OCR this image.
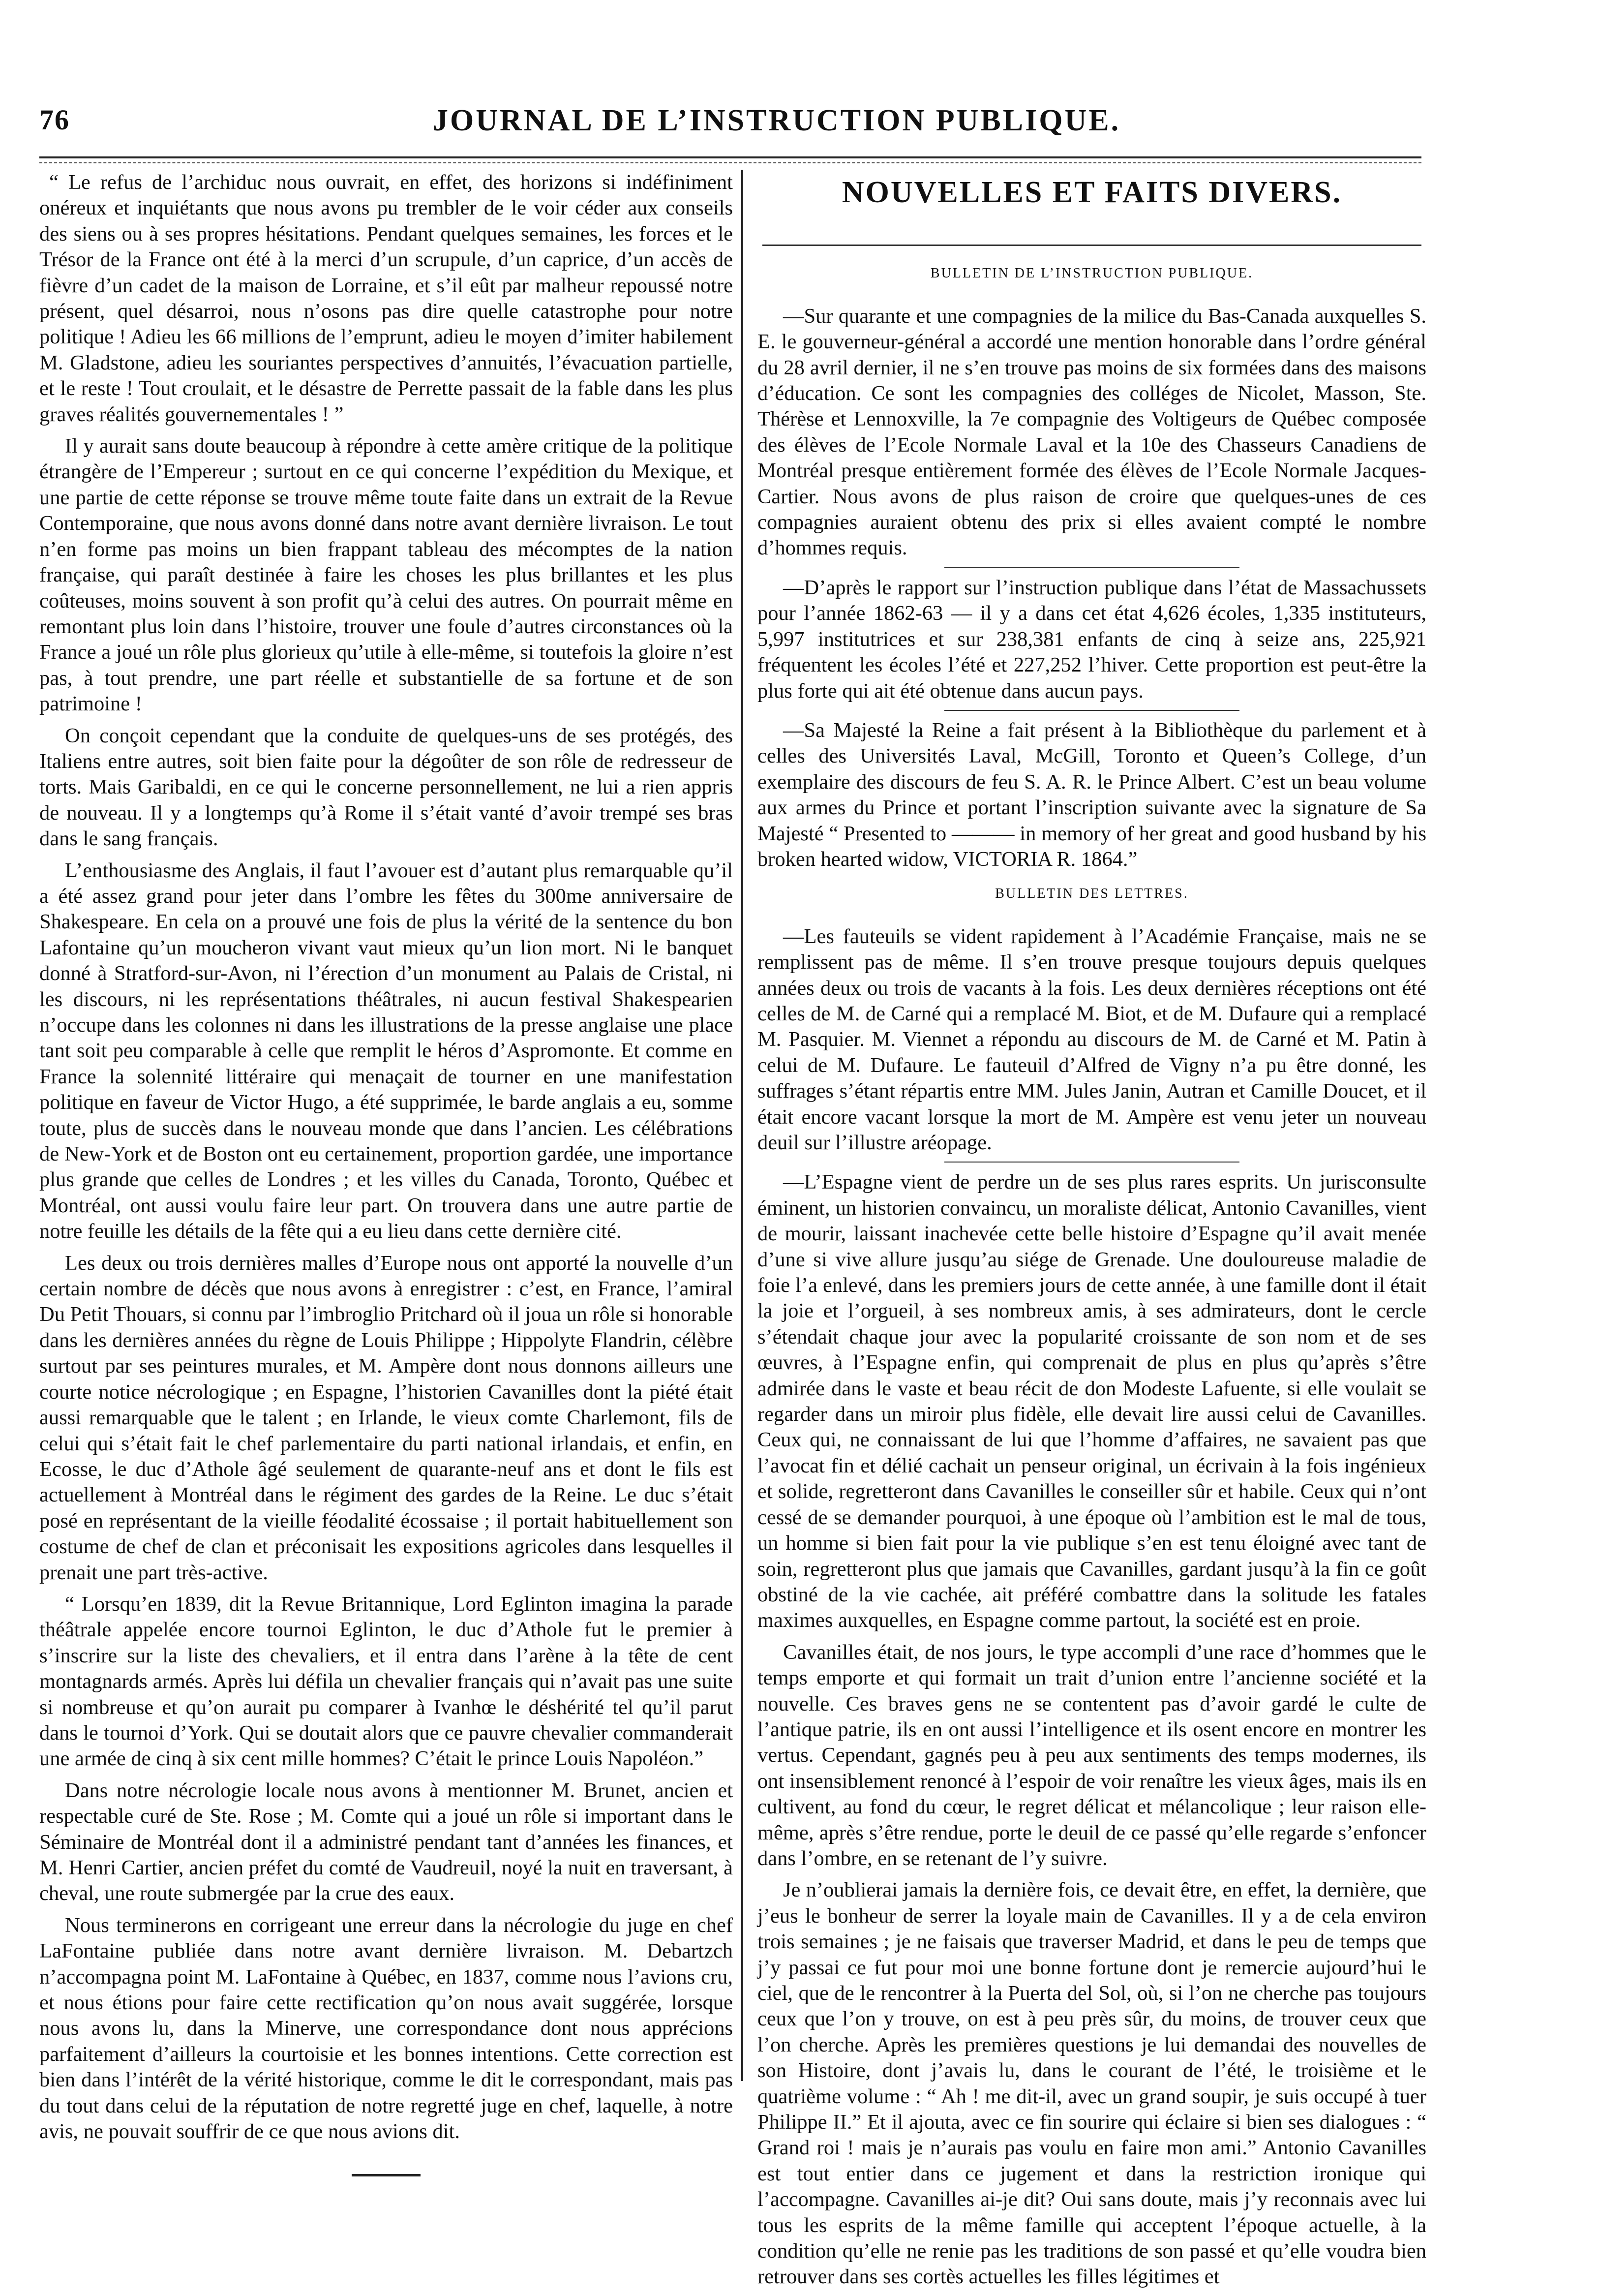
76	JOURNAL DE L’INSTRUCTION PUBLIQUE.

“ Le refus de l’archiduc nous ouvrait, en effet, des horizons si indéfiniment onéreux et inquiétants que nous avons pu trembler de le voir céder aux conseils des siens ou à ses propres hésitations. Pendant quelques semaines, les forces et le Trésor de la France ont été à la merci d’un scrupule, d’un caprice, d’un accès de fièvre d’un cadet de la maison de Lorraine, et s’il eût par malheur repoussé notre présent, quel désarroi, nous n’osons pas dire quelle catastrophe pour notre politique ! Adieu les 66 millions de l’emprunt, adieu le moyen d’imiter habilement M. Gladstone, adieu les souriantes perspectives d’annuités, l’évacuation partielle, et le reste ! Tout croulait, et le désastre de Perrette passait de la fable dans les plus graves réalités gouvernementales ! ”

Il y aurait sans doute beaucoup à répondre à cette amère critique de la politique étrangère de l’Empereur ; surtout en ce qui concerne l’expédition du Mexique, et une partie de cette réponse se trouve même toute faite dans un extrait de la Revue Contemporaine, que nous avons donné dans notre avant dernière livraison. Le tout n’en forme pas moins un bien frappant tableau des mécomptes de la nation française, qui paraît destinée à faire les choses les plus brillantes et les plus coûteuses, moins souvent à son profit qu’à celui des autres. On pourrait même en remontant plus loin dans l’histoire, trouver une foule d’autres circonstances où la France a joué un rôle plus glorieux qu’utile à elle-même, si toutefois la gloire n’est pas, à tout prendre, une part réelle et substantielle de sa fortune et de son patrimoine !

On conçoit cependant que la conduite de quelques-uns de ses protégés, des Italiens entre autres, soit bien faite pour la dégoûter de son rôle de redresseur de torts. Mais Garibaldi, en ce qui le concerne personnellement, ne lui a rien appris de nouveau. Il y a longtemps qu’à Rome il s’était vanté d’avoir trempé ses bras dans le sang français.

L’enthousiasme des Anglais, il faut l’avouer est d’autant plus remarquable qu’il a été assez grand pour jeter dans l’ombre les fêtes du 300me anniversaire de Shakespeare. En cela on a prouvé une fois de plus la vérité de la sentence du bon Lafontaine qu’un moucheron vivant vaut mieux qu’un lion mort. Ni le banquet donné à Stratford-sur-Avon, ni l’érection d’un monument au Palais de Cristal, ni les discours, ni les représentations théâtrales, ni aucun festival Shakespearien n’occupe dans les colonnes ni dans les illustrations de la presse anglaise une place tant soit peu comparable à celle que remplit le héros d’Aspromonte. Et comme en France la solennité littéraire qui menaçait de tourner en une manifestation politique en faveur de Victor Hugo, a été supprimée, le barde anglais a eu, somme toute, plus de succès dans le nouveau monde que dans l’ancien. Les célébrations de New-York et de Boston ont eu certainement, proportion gardée, une importance plus grande que celles de Londres ; et les villes du Canada, Toronto, Québec et Montréal, ont aussi voulu faire leur part. On trouvera dans une autre partie de notre feuille les détails de la fête qui a eu lieu dans cette dernière cité.

Les deux ou trois dernières malles d’Europe nous ont apporté la nouvelle d’un certain nombre de décès que nous avons à enregistrer : c’est, en France, l’amiral Du Petit Thouars, si connu par l’imbroglio Pritchard où il joua un rôle si honorable dans les dernières années du règne de Louis Philippe ; Hippolyte Flandrin, célèbre surtout par ses peintures murales, et M. Ampère dont nous donnons ailleurs une courte notice nécrologique ; en Espagne, l’historien Cavanilles dont la piété était aussi remarquable que le talent ; en Irlande, le vieux comte Charlemont, fils de celui qui s’était fait le chef parlementaire du parti national irlandais, et enfin, en Ecosse, le duc d’Athole âgé seulement de quarante-neuf ans et dont le fils est actuellement à Montréal dans le régiment des gardes de la Reine. Le duc s’était posé en représentant de la vieille féodalité écossaise ; il portait habituellement son costume de chef de clan et préconisait les expositions agricoles dans lesquelles il prenait une part très-active.

“ Lorsqu’en 1839, dit la Revue Britannique, Lord Eglinton imagina la parade théâtrale appelée encore tournoi Eglinton, le duc d’Athole fut le premier à s’inscrire sur la liste des chevaliers, et il entra dans l’arène à la tête de cent montagnards armés. Après lui défila un chevalier français qui n’avait pas une suite si nombreuse et qu’on aurait pu comparer à Ivanhœ le déshérité tel qu’il parut dans le tournoi d’York. Qui se doutait alors que ce pauvre chevalier commanderait une armée de cinq à six cent mille hommes? C’était le prince Louis Napoléon.”

Dans notre nécrologie locale nous avons à mentionner M. Brunet, ancien et respectable curé de Ste. Rose ; M. Comte qui a joué un rôle si important dans le Séminaire de Montréal dont il a administré pendant tant d’années les finances, et M. Henri Cartier, ancien préfet du comté de Vaudreuil, noyé la nuit en traversant, à cheval, une route submergée par la crue des eaux.

Nous terminerons en corrigeant une erreur dans la nécrologie du juge en chef LaFontaine publiée dans notre avant dernière livraison. M. Debartzch n’accompagna point M. LaFontaine à Québec, en 1837, comme nous l’avions cru, et nous étions pour faire cette rectification qu’on nous avait suggérée, lorsque nous avons lu, dans la Minerve, une correspondance dont nous apprécions parfaitement d’ailleurs la courtoisie et les bonnes intentions. Cette correction est bien dans l’intérêt de la vérité historique, comme le dit le correspondant, mais pas du tout dans celui de la réputation de notre regretté juge en chef, laquelle, à notre avis, ne pouvait souffrir de ce que nous avions dit.

NOUVELLES ET FAITS DIVERS.
BULLETIN DE L’INSTRUCTION PUBLIQUE.

—Sur quarante et une compagnies de la milice du Bas-Canada auxquelles S. E. le gouverneur-général a accordé une mention honorable dans l’ordre général du 28 avril dernier, il ne s’en trouve pas moins de six formées dans des maisons d’éducation. Ce sont les compagnies des colléges de Nicolet, Masson, Ste. Thérèse et Lennoxville, la 7e compagnie des Voltigeurs de Québec composée des élèves de l’Ecole Normale Laval et la 10e des Chasseurs Canadiens de Montréal presque entièrement formée des élèves de l’Ecole Normale Jacques-Cartier. Nous avons de plus raison de croire que quelques-unes de ces compagnies auraient obtenu des prix si elles avaient compté le nombre d’hommes requis.

—D’après le rapport sur l’instruction publique dans l’état de Massachussets pour l’année 1862-63 — il y a dans cet état 4,626 écoles, 1,335 instituteurs, 5,997 institutrices et sur 238,381 enfants de cinq à seize ans, 225,921 fréquentent les écoles l’été et 227,252 l’hiver. Cette proportion est peut-être la plus forte qui ait été obtenue dans aucun pays.

—Sa Majesté la Reine a fait présent à la Bibliothèque du parlement et à celles des Universités Laval, McGill, Toronto et Queen’s College, d’un exemplaire des discours de feu S. A. R. le Prince Albert. C’est un beau volume aux armes du Prince et portant l’inscription suivante avec la signature de Sa Majesté “ Presented to ——— in memory of her great and good husband by his broken hearted widow, VICTORIA R. 1864.”

BULLETIN DES LETTRES.

—Les fauteuils se vident rapidement à l’Académie Française, mais ne se remplissent pas de même. Il s’en trouve presque toujours depuis quelques années deux ou trois de vacants à la fois. Les deux dernières réceptions ont été celles de M. de Carné qui a remplacé M. Biot, et de M. Dufaure qui a remplacé M. Pasquier. M. Viennet a répondu au discours de M. de Carné et M. Patin à celui de M. Dufaure. Le fauteuil d’Alfred de Vigny n’a pu être donné, les suffrages s’étant répartis entre MM. Jules Janin, Autran et Camille Doucet, et il était encore vacant lorsque la mort de M. Ampère est venu jeter un nouveau deuil sur l’illustre aréopage.

—L’Espagne vient de perdre un de ses plus rares esprits. Un jurisconsulte éminent, un historien convaincu, un moraliste délicat, Antonio Cavanilles, vient de mourir, laissant inachevée cette belle histoire d’Espagne qu’il avait menée d’une si vive allure jusqu’au siége de Grenade. Une douloureuse maladie de foie l’a enlevé, dans les premiers jours de cette année, à une famille dont il était la joie et l’orgueil, à ses nombreux amis, à ses admirateurs, dont le cercle s’étendait chaque jour avec la popularité croissante de son nom et de ses œuvres, à l’Espagne enfin, qui comprenait de plus en plus qu’après s’être admirée dans le vaste et beau récit de don Modeste Lafuente, si elle voulait se regarder dans un miroir plus fidèle, elle devait lire aussi celui de Cavanilles. Ceux qui, ne connaissant de lui que l’homme d’affaires, ne savaient pas que l’avocat fin et délié cachait un penseur original, un écrivain à la fois ingénieux et solide, regretteront dans Cavanilles le conseiller sûr et habile. Ceux qui n’ont cessé de se demander pourquoi, à une époque où l’ambition est le mal de tous, un homme si bien fait pour la vie publique s’en est tenu éloigné avec tant de soin, regretteront plus que jamais que Cavanilles, gardant jusqu’à la fin ce goût obstiné de la vie cachée, ait préféré combattre dans la solitude les fatales maximes auxquelles, en Espagne comme partout, la société est en proie.

Cavanilles était, de nos jours, le type accompli d’une race d’hommes que le temps emporte et qui formait un trait d’union entre l’ancienne société et la nouvelle. Ces braves gens ne se contentent pas d’avoir gardé le culte de l’antique patrie, ils en ont aussi l’intelligence et ils osent encore en montrer les vertus. Cependant, gagnés peu à peu aux sentiments des temps modernes, ils ont insensiblement renoncé à l’espoir de voir renaître les vieux âges, mais ils en cultivent, au fond du cœur, le regret délicat et mélancolique ; leur raison elle-même, après s’être rendue, porte le deuil de ce passé qu’elle regarde s’enfoncer dans l’ombre, en se retenant de l’y suivre.

Je n’oublierai jamais la dernière fois, ce devait être, en effet, la dernière, que j’eus le bonheur de serrer la loyale main de Cavanilles. Il y a de cela environ trois semaines ; je ne faisais que traverser Madrid, et dans le peu de temps que j’y passai ce fut pour moi une bonne fortune dont je remercie aujourd’hui le ciel, que de le rencontrer à la Puerta del Sol, où, si l’on ne cherche pas toujours ceux que l’on y trouve, on est à peu près sûr, du moins, de trouver ceux que l’on cherche. Après les premières questions je lui demandai des nouvelles de son Histoire, dont j’avais lu, dans le courant de l’été, le troisième et le quatrième volume : “ Ah ! me dit-il, avec un grand soupir, je suis occupé à tuer Philippe II.” Et il ajouta, avec ce fin sourire qui éclaire si bien ses dialogues : “ Grand roi ! mais je n’aurais pas voulu en faire mon ami.” Antonio Cavanilles est tout entier dans ce jugement et dans la restriction ironique qui l’accompagne. Cavanilles ai-je dit? Oui sans doute, mais j’y reconnais avec lui tous les esprits de la même famille qui acceptent l’époque actuelle, à la condition qu’elle ne renie pas les traditions de son passé et qu’elle voudra bien retrouver dans ses cortès actuelles les filles légitimes et
